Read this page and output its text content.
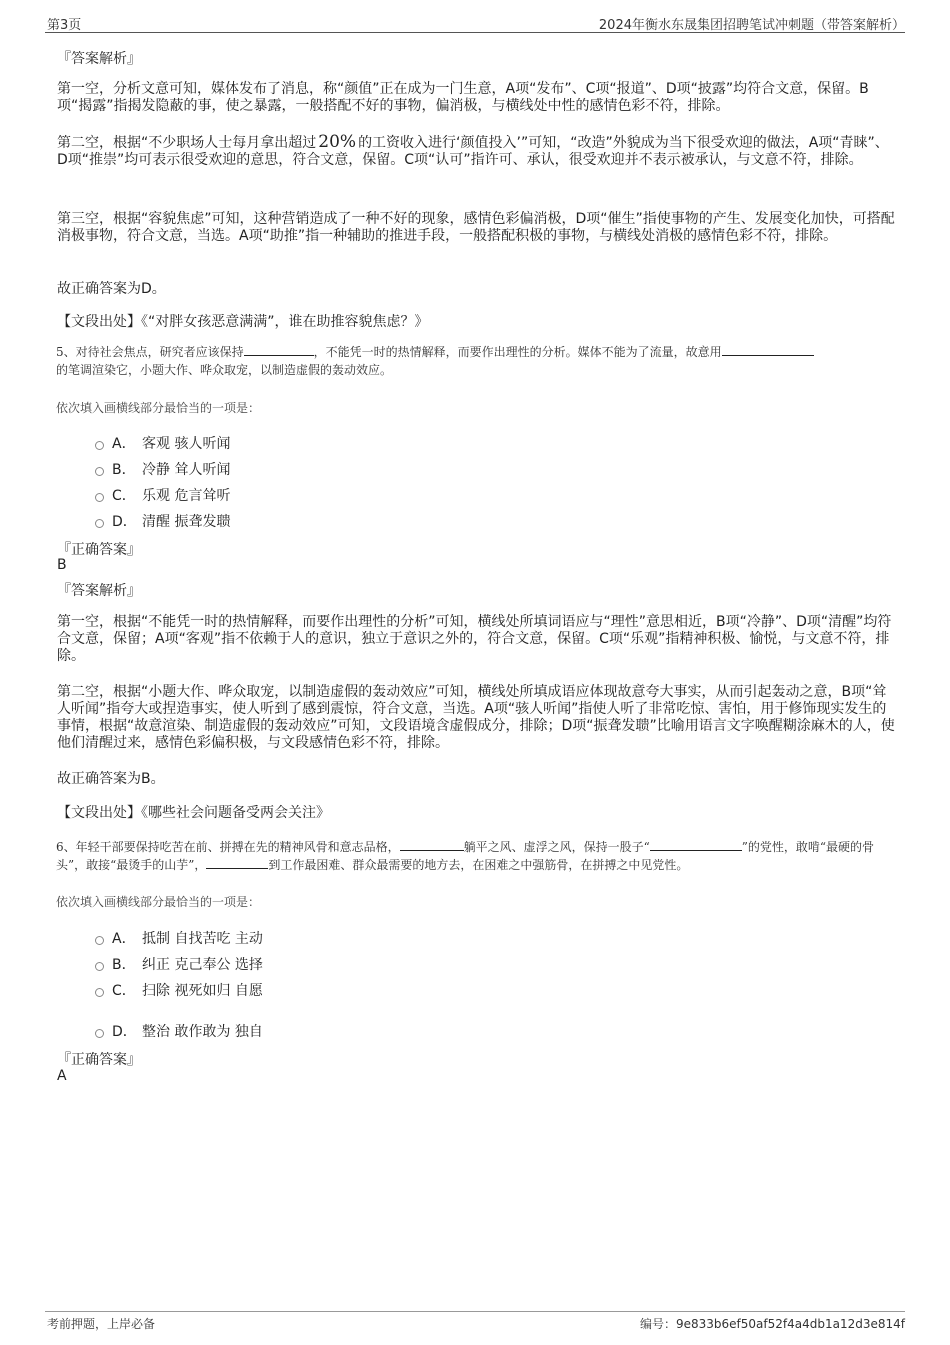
第3页	2024年衡水东晟集团招聘笔试冲刺题（带答案解析）
『答案解析』
第一空，分析文意可知，媒体发布了消息，称“颜值”正在成为一门生意，A项“发布”、C项“报道”、D项“披露”均符合文意，保留。B项“揭露”指揭发隐蔽的事，使之暴露，一般搭配不好的事物，偏消极，与横线处中性的感情色彩不符，排除。
第二空，根据“不少职场人士每月拿出超过 20% 的工资收入进行‘颜值投入’”可知，“改造”外貌成为当下很受欢迎的做法，A项“青睐”、D项“推崇”均可表示很受欢迎的意思，符合文意，保留。C项“认可”指许可、承认，很受欢迎并不表示被承认，与文意不符，排除。
第三空，根据“容貌焦虑”可知，这种营销造成了一种不好的现象，感情色彩偏消极，D项“催生”指使事物的产生、发展变化加快，可搭配消极事物，符合文意，当选。A项“助推”指一种辅助的推进手段，一般搭配积极的事物，与横线处消极的感情色彩不符，排除。
故正确答案为D。
【文段出处】《“对胖女孩恶意满满”，谁在助推容貌焦虑？》
5、对待社会焦点，研究者应该保持	，不能凭一时的热情解释，而要作出理性的分析。媒体不能为了流量，故意用
的笔调渲染它，小题大作、哗众取宠，以制造虚假的轰动效应。
依次填入画横线部分最恰当的一项是：
A． 客观 骇人听闻
B． 冷静 耸人听闻
C． 乐观 危言耸听
D． 清醒 振聋发聩
『正确答案』
B
『答案解析』
第一空，根据“不能凭一时的热情解释，而要作出理性的分析”可知，横线处所填词语应与“理性”意思相近，B项“冷静”、D项“清醒”均符合文意，保留；A项“客观”指不依赖于人的意识，独立于意识之外的，符合文意，保留。C项“乐观”指精神积极、愉悦，与文意不符，排除。
第二空，根据“小题大作、哗众取宠，以制造虚假的轰动效应”可知，横线处所填成语应体现故意夸大事实，从而引起轰动之意，B项“耸人听闻”指夸大或捏造事实，使人听到了感到震惊，符合文意，当选。A项“骇人听闻”指使人听了非常吃惊、害怕，用于修饰现实发生的事情，根据“故意渲染、制造虚假的轰动效应”可知，文段语境含虚假成分，排除；D项“振聋发聩”比喻用语言文字唤醒糊涂麻木的人，使他们清醒过来，感情色彩偏积极，与文段感情色彩不符，排除。
故正确答案为B。
【文段出处】《哪些社会问题备受两会关注》
6、年轻干部要保持吃苦在前、拼搏在先的精神风骨和意志品格，	躺平之风、虚浮之风，保持一股子“	”的党性，敢啃“最硬的骨头”，敢接“最烫手的山芋”，	到工作最困难、群众最需要的地方去，在困难之中强筋骨，在拼搏之中见党性。
依次填入画横线部分最恰当的一项是：
A． 抵制 自找苦吃 主动
B． 纠正 克己奉公 选择
C． 扫除 视死如归 自愿
D． 整治 敢作敢为 独自
『正确答案』
A
考前押题，上岸必备	编号：9e833b6ef50af52f4a4db1a12d3e814f
